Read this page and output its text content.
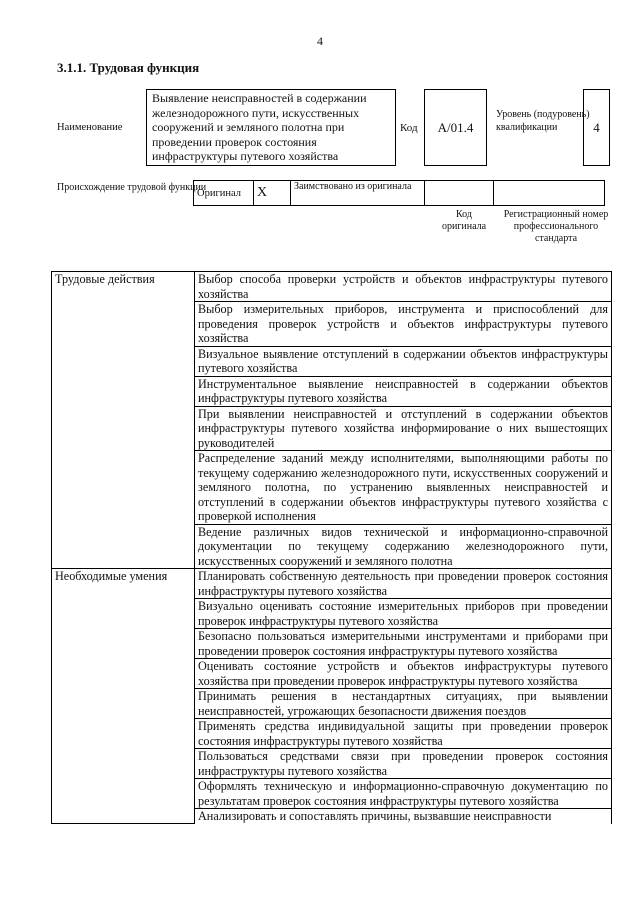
4
3.1.1. Трудовая функция
Наименование
Выявление неисправностей в содержании железнодорожного пути, искусственных сооружений и земляного полотна при проведении проверок состояния инфраструктуры путевого хозяйства
Код	А/01.4
Уровень (подуровень) квалификации	4
Происхождение трудовой функции
Оригинал	X	Заимствовано из оригинала		
Код оригинала
Регистрационный номер профессионального стандарта
Трудовые действия	Выбор способа проверки устройств и объектов инфраструктуры путевого хозяйства
	Выбор измерительных приборов, инструмента и приспособлений для проведения проверок устройств и объектов инфраструктуры путевого хозяйства
	Визуальное выявление отступлений в содержании объектов инфраструктуры путевого хозяйства
	Инструментальное выявление неисправностей в содержании объектов инфраструктуры путевого хозяйства
	При выявлении неисправностей и отступлений в содержании объектов инфраструктуры путевого хозяйства информирование о них вышестоящих руководителей
	Распределение заданий между исполнителями, выполняющими работы по текущему содержанию железнодорожного пути, искусственных сооружений и земляного полотна, по устранению выявленных неисправностей и отступлений в содержании объектов инфраструктуры путевого хозяйства с проверкой исполнения
	Ведение различных видов технической и информационно-справочной документации по текущему содержанию железнодорожного пути, искусственных сооружений и земляного полотна
Необходимые умения	Планировать собственную деятельность при проведении проверок состояния инфраструктуры путевого хозяйства
	Визуально оценивать состояние измерительных приборов при проведении проверок инфраструктуры путевого хозяйства
	Безопасно пользоваться измерительными инструментами и приборами при проведении проверок состояния инфраструктуры путевого хозяйства
	Оценивать состояние устройств и объектов инфраструктуры путевого хозяйства при проведении проверок инфраструктуры путевого хозяйства
	Принимать решения в нестандартных ситуациях, при выявлении неисправностей, угрожающих безопасности движения поездов
	Применять средства индивидуальной защиты при проведении проверок состояния инфраструктуры путевого хозяйства
	Пользоваться средствами связи при проведении проверок состояния инфраструктуры путевого хозяйства
	Оформлять техническую и информационно-справочную документацию по результатам проверок состояния инфраструктуры путевого хозяйства
	Анализировать и сопоставлять причины, вызвавшие неисправности
